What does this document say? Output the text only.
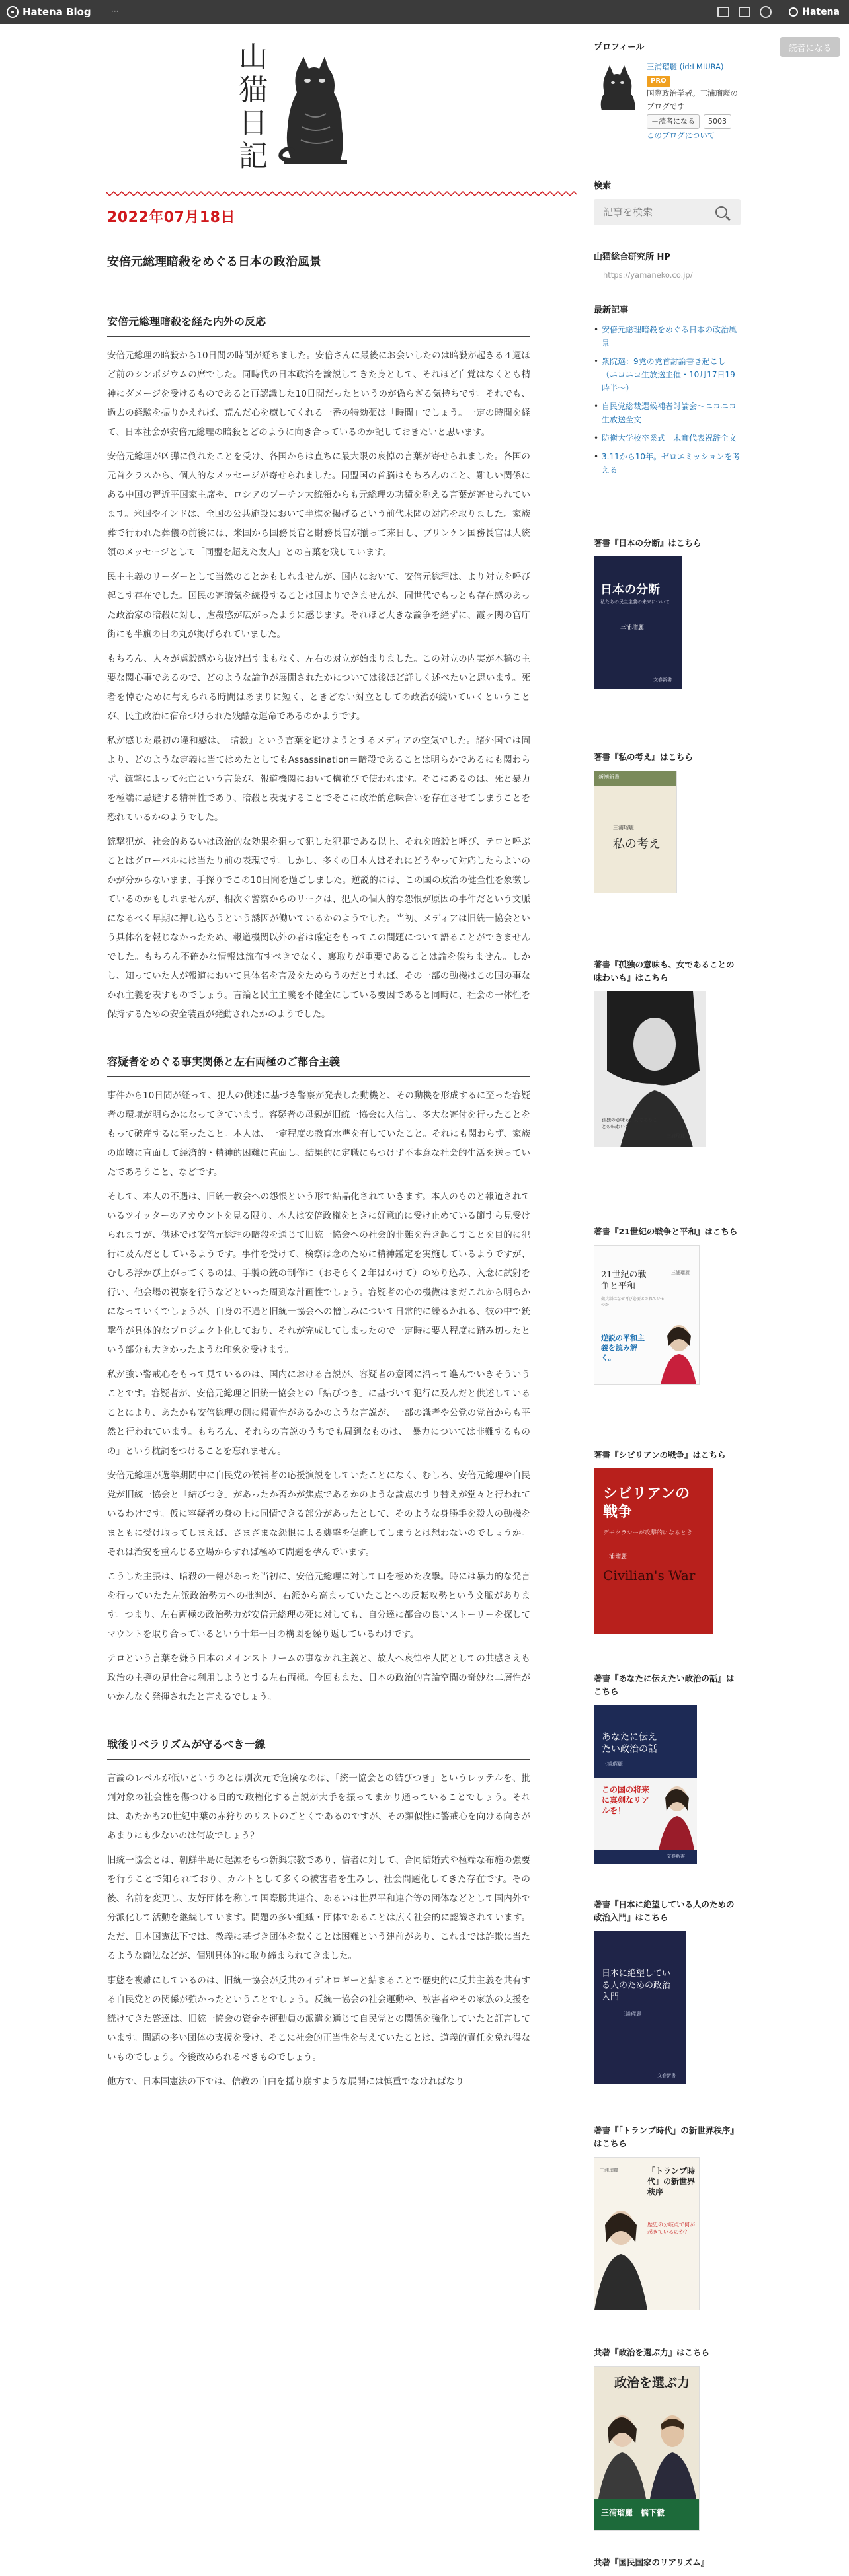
Hatena Blog	···	Hatena
読者になる
山
猫
日
記
2022年07月18日
安倍元総理暗殺をめぐる日本の政治風景
安倍元総理暗殺を経た内外の反応

安倍元総理の暗殺から10日間の時間が経ちました。安倍さんに最後にお会いしたのは暗殺が起きる４週ほど前のシンポジウムの席でした。同時代の日本政治を論説してきた身として、それほど自覚はなくとも精神にダメージを受けるものであると再認識した10日間だったというのが偽らざる気持ちです。それでも、過去の経験を振りかえれば、荒んだ心を癒してくれる一番の特効薬は「時間」でしょう。一定の時間を経て、日本社会が安倍元総理の暗殺とどのように向き合っているのか記しておきたいと思います。

安倍元総理が凶弾に倒れたことを受け、各国からは直ちに最大限の哀悼の言葉が寄せられました。各国の元首クラスから、個人的なメッセージが寄せられました。同盟国の首脳はもちろんのこと、難しい関係にある中国の習近平国家主席や、ロシアのプーチン大統領からも元総理の功績を称える言葉が寄せられています。米国やインドは、全国の公共施設において半旗を掲げるという前代未聞の対応を取りました。家族葬で行われた葬儀の前後には、米国から国務長官と財務長官が揃って来日し、ブリンケン国務長官は大統領のメッセージとして「同盟を超えた友人」との言葉を残しています。

民主主義のリーダーとして当然のことかもしれませんが、国内において、安倍元総理は、より対立を呼び起こす存在でした。国民の寄贈気を続投することは国よりできませんが、同世代でもっとも存在感のあった政治家の暗殺に対し、虐殺感が広がったように感じます。それほど大きな論争を経ずに、霞ヶ関の官庁街にも半旗の日の丸が掲げられていました。

もちろん、人々が虐殺感から抜け出すまもなく、左右の対立が始まりました。この対立の内実が本稿の主要な関心事であるので、どのような論争が展開されたかについては後ほど詳しく述べたいと思います。死者を悼むために与えられる時間はあまりに短く、ときどない対立としての政治が続いていくということが、民主政治に宿命づけられた残酷な運命であるのかようです。

私が感じた最初の違和感は、「暗殺」という言葉を避けようとするメディアの空気でした。諸外国では固より、どのような定義に当てはめたとしてもAssassination＝暗殺であることは明らかであるにも関わらず、銃撃によって死亡という言葉が、報道機関において構並びで使われます。そこにあるのは、死と暴力を極端に忌避する精神性であり、暗殺と表現することでそこに政治的意味合いを存在させてしまうことを恐れているかのようでした。

銃撃犯が、社会的あるいは政治的な効果を狙って犯した犯罪である以上、それを暗殺と呼び、テロと呼ぶことはグローバルには当たり前の表現です。しかし、多くの日本人はそれにどうやって対応したらよいのかが分からないまま、手探りでこの10日間を過ごしました。逆説的には、この国の政治の健全性を象徴しているのかもしれませんが、相次ぐ警察からのリークは、犯人の個人的な怨恨が原因の事件だという文脈になるべく早期に押し込もうという誘因が働いているかのようでした。当初、メディアは旧統一協会という具体名を報じなかったため、報道機関以外の者は確定をもってこの問題について語ることができませんでした。もちろん不確かな情報は流布すべきでなく、裏取りが重要であることは論を俟ちません。しかし、知っていた人が報道において具体名を言及をためらうのだとすれば、その一部の動機はこの国の事なかれ主義を表すものでしょう。言論と民主主義を不健全にしている要因であると同時に、社会の一体性を保持するための安全装置が発動されたかのようでした。

容疑者をめぐる事実関係と左右両極のご都合主義

事件から10日間が経って、犯人の供述に基づき警察が発表した動機と、その動機を形成するに至った容疑者の環境が明らかになってきています。容疑者の母親が旧統一協会に入信し、多大な寄付を行ったことをもって破産するに至ったこと。本人は、一定程度の教育水準を有していたこと。それにも関わらず、家族の崩壊に直面して経済的・精神的困難に直面し、結果的に定職にもつけず不本意な社会的生活を送っていたであろうこと、などです。

そして、本人の不遇は、旧統一教会への怨恨という形で結晶化されていきます。本人のものと報道されているツイッターのアカウントを見る限り、本人は安倍政権をときに好意的に受け止めている節すら見受けられますが、供述では安倍元総理の暗殺を通じて旧統一協会への社会的非難を巻き起こすことを目的に犯行に及んだとしているようです。事件を受けて、検察は念のために精神鑑定を実施しているようですが、むしろ浮かび上がってくるのは、手製の銃の制作に（おそらく２年はかけて）のめり込み、入念に試射を行い、他会場の視察を行うなどといった周到な計画性でしょう。容疑者の心の機微はまだこれから明らかになっていくでしょうが、自身の不遇と旧統一協会への憎しみについて日常的に繰るかれる、彼の中で銃撃作が具体的なプロジェクト化しており、それが完成してしまったので一定時に要人程度に踏み切ったという部分も大きかったような印象を受けます。

私が強い警戒心をもって見ているのは、国内における言説が、容疑者の意図に沿って進んでいきそういうことです。容疑者が、安倍元総理と旧統一協会との「結びつき」に基づいて犯行に及んだと供述していることにより、あたかも安倍総理の側に帰責性があるかのような言説が、一部の識者や公党の党首からも平然と行われています。もちろん、それらの言説のうちでも周到なものは、「暴力については非難するものの」という枕詞をつけることを忘れません。

安倍元総理が選挙期間中に自民党の候補者の応援演説をしていたことになく、むしろ、安倍元総理や自民党が旧統一協会と「結びつき」があったか否かが焦点であるかのような論点のすり替えが堂々と行われているわけです。仮に容疑者の身の上に同情できる部分があったとして、そのような身勝手を殺人の動機をまともに受け取ってしまえば、さまざまな怨恨による襲撃を促進してしまうとは想わないのでしょうか。それは治安を重んじる立場からすれば極めて問題を孕んでいます。

こうした主張は、暗殺の一報があった当初に、安倍元総理に対して口を極めた攻撃。時には暴力的な発言を行っていたた左派政治勢力への批判が、右派から高まっていたことへの反転攻勢という文脈があります。つまり、左右両極の政治勢力が安倍元総理の死に対しても、自分達に都合の良いストーリーを探してマウントを取り合っているという十年一日の構図を繰り返しているわけです。

テロという言葉を嫌う日本のメインストリームの事なかれ主義と、故人へ哀悼や人間としての共感さえも政治の主導の足仕合に利用しようとする左右両極。今回もまた、日本の政治的言論空間の奇妙な二層性がいかんなく発揮されたと言えるでしょう。

戦後リベラリズムが守るべき一線

言論のレベルが低いというのとは別次元で危険なのは、「統一協会との結びつき」というレッテルを、批判対象の社会性を傷つける目的で政権化する言説が大手を振ってまかり通っていることでしょう。それは、あたかも20世紀中葉の赤狩りのリストのごとくであるのですが、その類似性に警戒心を向ける向きがあまりにも少ないのは何故でしょう？

旧統一協会とは、朝鮮半島に起源をもつ新興宗教であり、信者に対して、合同結婚式や極端な布施の強要を行うことで知られており、カルトとして多くの被害者を生みし、社会問題化してきた存在です。その後、名前を変更し、友好団体を称して国際勝共連合、あるいは世界平和連合等の団体などとして国内外で分派化して活動を継続しています。問題の多い組織・団体であることは広く社会的に認識されています。ただ、日本国憲法下では、教義に基づき団体を裁くことは困難という建前があり、これまでは詐欺に当たるような商法などが、個別具体的に取り締まられてきました。

事態を複雑にしているのは、旧統一協会が反共のイデオロギーと結まることで歴史的に反共主義を共有する自民党との関係が強かったということでしょう。反統一協会の社会運動や、被害者やその家族の支援を続けてきた啓達は、旧統一協会の資金や運動員の派遣を通じて自民党との関係を強化していたと証言しています。問題の多い団体の支援を受け、そこに社会的正当性を与えていたことは、道義的責任を免れ得ないものでしょう。今後改められるべきものでしょう。

他方で、日本国憲法の下では、信教の自由を揺り崩すような展開には慎重でなければなり

プロフィール
三浦瑠麗 (id:LMIURA)
PRO
国際政治学者。三浦瑠麗のブログです
＋読者になる	5003
このブログについて
検索
記事を検索
山猫総合研究所 HP
https://yamaneko.co.jp/
最新記事
• 安倍元総理暗殺をめぐる日本の政治風景
• 衆院選：9党の党首討論書き起こし（ニコニコ生放送主催・10月17日19時半～）
• 自民党総裁選候補者討論会～ニコニコ生放送全文
• 防衛大学校卒業式　末實代表祝辞全文
• 3.11から10年。ゼロエミッションを考える
著書『日本の分断』はこちら
日本の分断
私たちの民主主義の未来について
三浦瑠麗
文春新書
著書『私の考え』はこちら
新潮新書
三浦瑠麗
私の考え
著書『孤独の意味も、女であることの味わいも』はこちら
孤独の意味も、女であることの味わいも
三浦瑠麗
著書『21世紀の戦争と平和』はこちら
21世紀の戦争と平和
徴兵制はなぜ再び必要とされているのか
逆説の平和主義を読み解く。
三浦瑠麗
著書『シビリアンの戦争』はこちら
シビリアンの戦争
デモクラシーが攻撃的になるとき
Civilian's War
三浦瑠麗
著書『あなたに伝えたい政治の話』はこちら
あなたに伝えたい政治の話
三浦瑠麗
この国の将来に真剣なリアルを！
文春新書
著書『日本に絶望している人のための政治入門』はこちら
日本に絶望している人のための政治入門
三浦瑠麗
文春新書
著書『「トランプ時代」の新世界秩序』はこちら
「トランプ時代」の新世界秩序
歴史の分岐点で何が起きているのか？
三浦瑠麗
共著『政治を選ぶ力』はこちら
政治を選ぶ力
三浦瑠麗　橋下徹
共著『国民国家のリアリズム』
